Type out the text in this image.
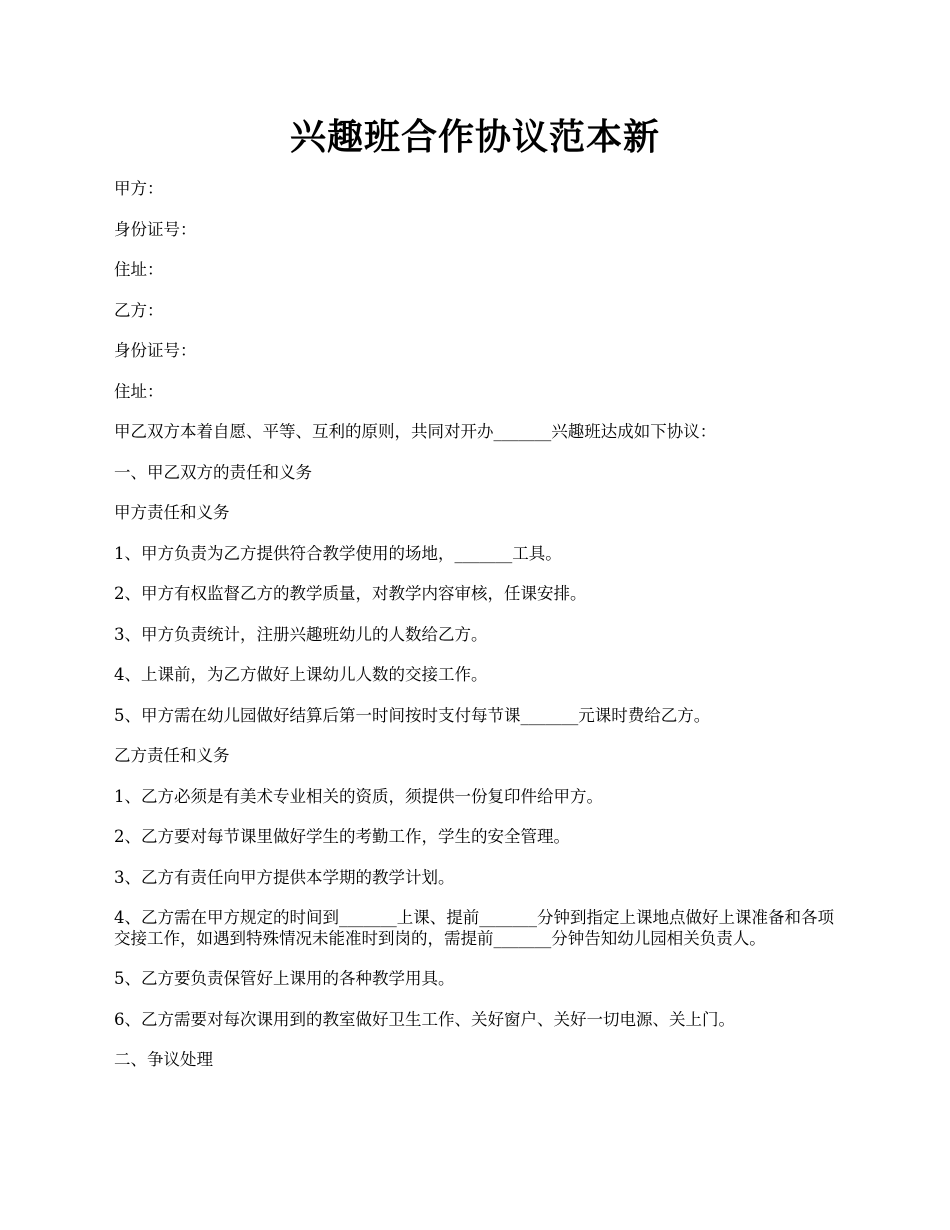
兴趣班合作协议范本新

甲方：

身份证号：

住址：

乙方：

身份证号：

住址：

甲乙双方本着自愿、平等、互利的原则，共同对开办_______兴趣班达成如下协议：

一、甲乙双方的责任和义务

甲方责任和义务

1、甲方负责为乙方提供符合教学使用的场地，_______工具。

2、甲方有权监督乙方的教学质量，对教学内容审核，任课安排。

3、甲方负责统计，注册兴趣班幼儿的人数给乙方。

4、上课前，为乙方做好上课幼儿人数的交接工作。

5、甲方需在幼儿园做好结算后第一时间按时支付每节课_______元课时费给乙方。

乙方责任和义务

1、乙方必须是有美术专业相关的资质，须提供一份复印件给甲方。

2、乙方要对每节课里做好学生的考勤工作，学生的安全管理。

3、乙方有责任向甲方提供本学期的教学计划。

4、乙方需在甲方规定的时间到_______上课、提前_______分钟到指定上课地点做好上课准备和各项交接工作，如遇到特殊情况未能准时到岗的，需提前_______分钟告知幼儿园相关负责人。

5、乙方要负责保管好上课用的各种教学用具。

6、乙方需要对每次课用到的教室做好卫生工作、关好窗户、关好一切电源、关上门。

二、争议处理
